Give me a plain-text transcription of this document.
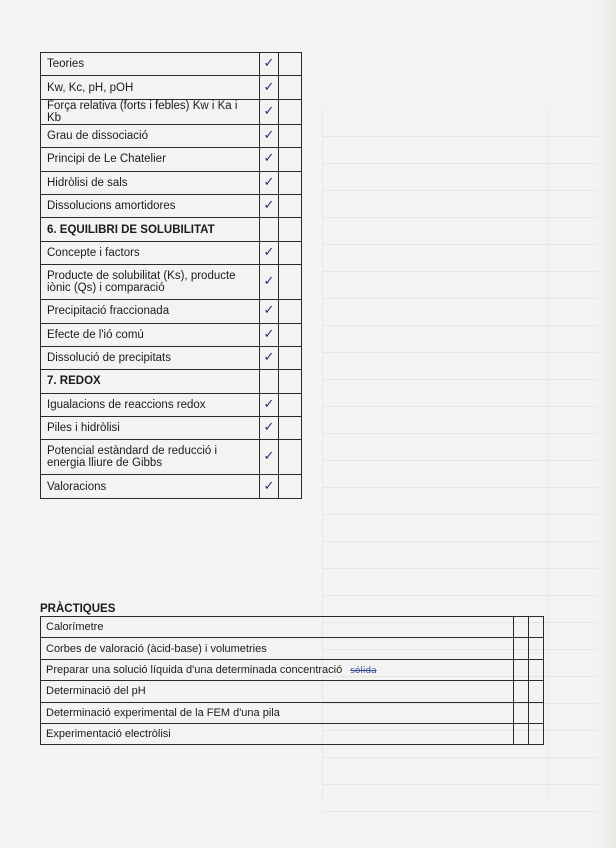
Teories	✓	
Kw, Kc, pH, pOH	✓	
Força relativa (forts i febles) Kw i Ka i Kb	✓	
Grau de dissociació	✓	
Principi de Le Chatelier	✓	
Hidròlisi de sals	✓	
Dissolucions amortidores	✓	
6. EQUILIBRI DE SOLUBILITAT		
Concepte i factors	✓	
Producte de solubilitat (Ks), producte iònic (Qs) i comparació	✓	
Precipitació fraccionada	✓	
Efecte de l'ió comú	✓	
Dissolució de precipitats	✓	
7. REDOX		
Igualacions de reaccions redox	✓	
Piles i hidròlisi	✓	
Potencial estàndard de reducció i energia lliure de Gibbs	✓	
Valoracions	✓	
PRÀCTIQUES
Calorímetre		
Corbes de valoració (àcid-base) i volumetries		
Preparar una solució líquida d'una determinada concentració sólida		
Determinació del pH		
Determinació experimental de la FEM d'una pila		
Experimentació electròlisi		
